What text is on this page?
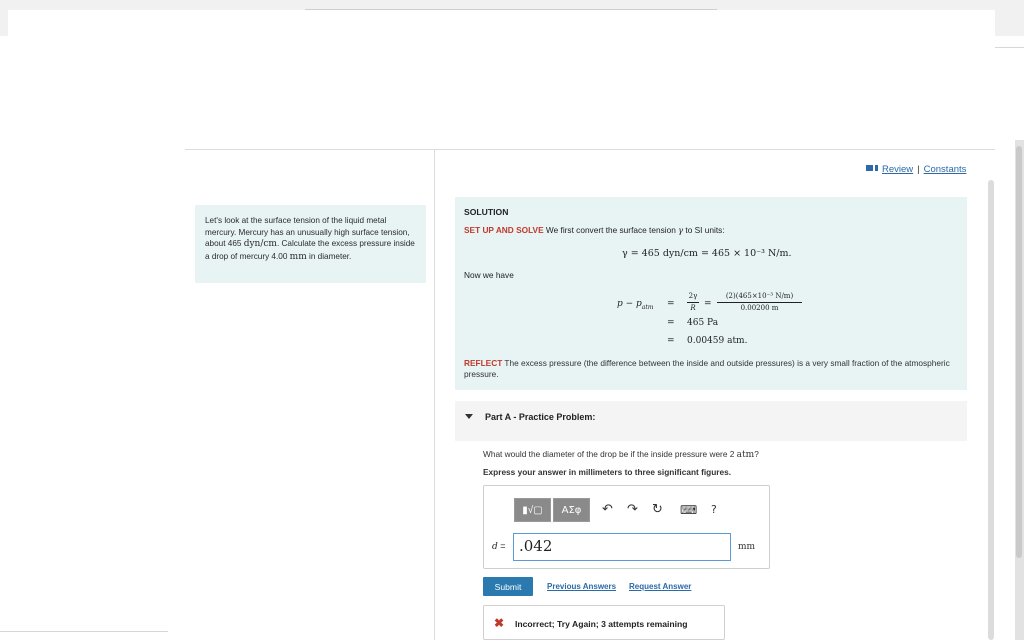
Review | Constants
Let's look at the surface tension of the liquid metal mercury. Mercury has an unusually high surface tension, about 465 dyn/cm. Calculate the excess pressure inside a drop of mercury 4.00 mm in diameter.
SOLUTION
SET UP AND SOLVE We first convert the surface tension γ to SI units:
γ = 465 dyn/cm = 465 × 10⁻³ N/m.
Now we have
$p - p_{atm}$ =
2γ
R =
(2)(465×10⁻³ N/m)
0.00200 m
= 465 Pa
= 0.00459 atm.
REFLECT The excess pressure (the difference between the inside and outside pressures) is a very small fraction of the atmospheric pressure.
Part A - Practice Problem:
What would the diameter of the drop be if the inside pressure were 2 atm?
Express your answer in millimeters to three significant figures.
▮√▢	ΑΣφ	↶ ↷ ↻ ⌨ ?
d = .042	mm
Submit	Previous Answers Request Answer
✖ Incorrect; Try Again; 3 attempts remaining
